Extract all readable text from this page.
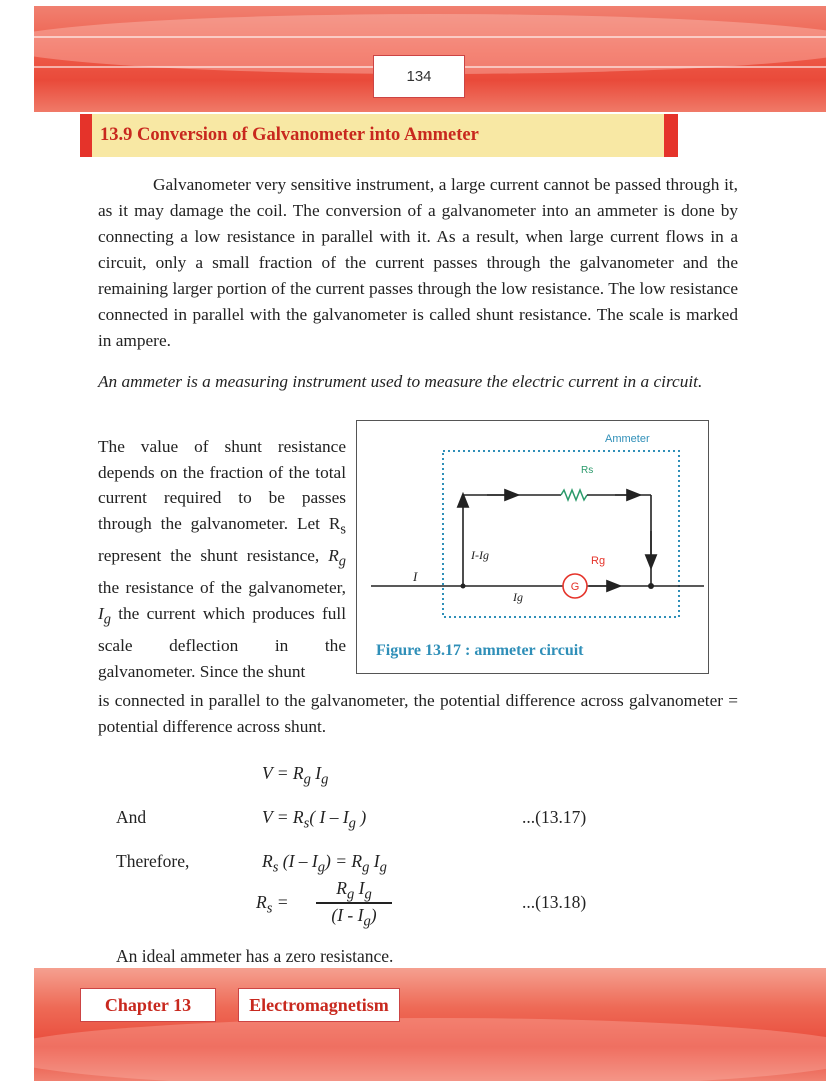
134
13.9 Conversion of Galvanometer into Ammeter

Galvanometer very sensitive instrument, a large current cannot be passed through it, as it may damage the coil. The conversion of a galvanometer into an ammeter is done by connecting a low resistance in parallel with it. As a result, when large current flows in a circuit, only a small fraction of the current passes through the galvanometer and the remaining larger portion of the current passes through the low resistance. The low resistance connected in parallel with the galvanometer is called shunt resistance. The scale is marked in ampere.

An ammeter is a measuring instrument used to measure the electric current in a circuit.

The value of shunt resistance depends on the fraction of the total current required to be passes through the galvanometer. Let $R_s$ represent the shunt resistance, $R_g$ the resistance of the galvanometer, $I_g$ the current which produces full scale deflection in the galvanometer. Since the shunt

is connected in parallel to the galvanometer, the potential difference across galvanometer = potential difference across shunt.

Ammeter
G
Rs
Rg
I
I-Ig
Ig
Figure 13.17 : ammeter circuit
$V = R_g$ $I_g$
And	$V = R_s$( I – $I_g$ )	...(13.17)
Therefore,	$R_s$ $(I - I_g) = R_g$ $I_g$
$R_s$ =
$R_g$ $I_g$
$(I - I_g)$
...(13.18)
An ideal ammeter has a zero resistance.
Chapter 13	Electromagnetism
